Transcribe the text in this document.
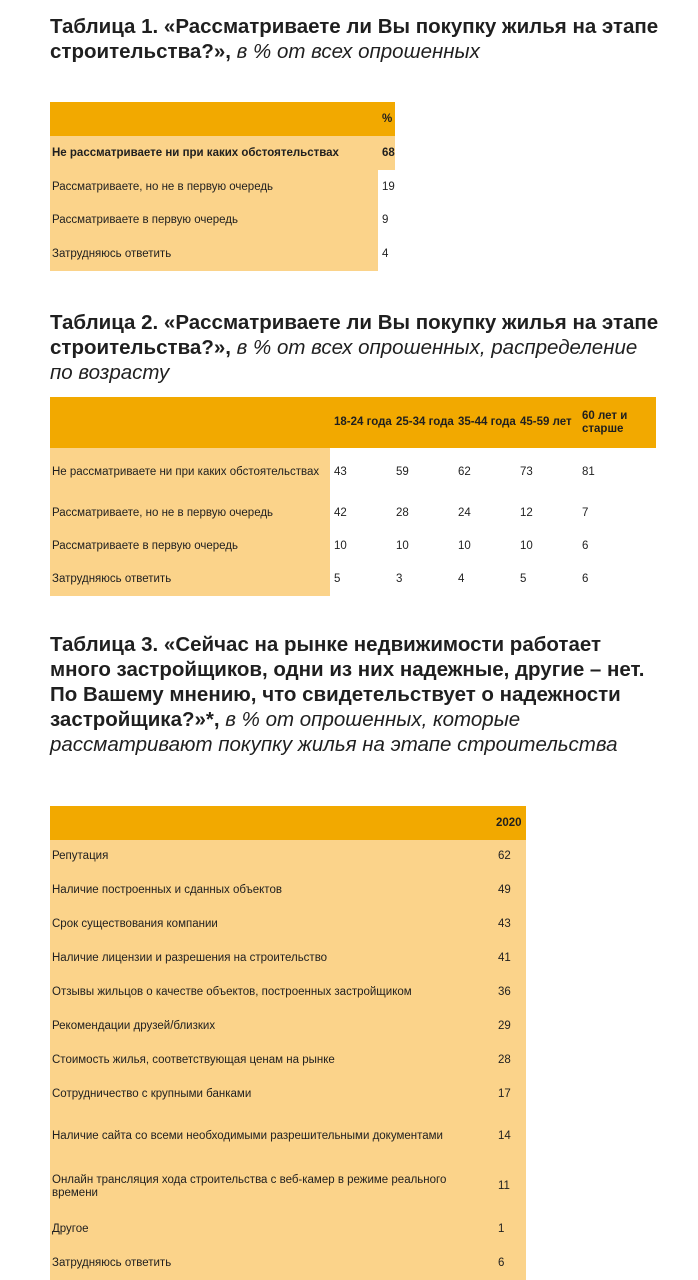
Таблица 1. «Рассматриваете ли Вы покупку жилья на этапе строительства?», в % от всех опрошенных
	%
Не рассматриваете ни при каких обстоятельствах	68
Рассматриваете, но не в первую очередь	19
Рассматриваете в первую очередь	9
Затрудняюсь ответить	4
Таблица 2. «Рассматриваете ли Вы покупку жилья на этапе строительства?», в % от всех опрошенных, распределение по возрасту
	18-24 года	25-34 года	35-44 года	45-59 лет	60 лет и старше
Не рассматриваете ни при каких обстоятельствах	43	59	62	73	81
Рассматриваете, но не в первую очередь	42	28	24	12	7
Рассматриваете в первую очередь	10	10	10	10	6
Затрудняюсь ответить	5	3	4	5	6
Таблица 3. «Сейчас на рынке недвижимости работает много застройщиков, одни из них надежные, другие – нет. По Вашему мнению, что свидетельствует о надежности застройщика?»*, в % от опрошенных, которые рассматривают покупку жилья на этапе строительства
	2020
Репутация	62
Наличие построенных и сданных объектов	49
Срок существования компании	43
Наличие лицензии и разрешения на строительство	41
Отзывы жильцов о качестве объектов, построенных застройщиком	36
Рекомендации друзей/близких	29
Стоимость жилья, соответствующая ценам на рынке	28
Сотрудничество с крупными банками	17
Наличие сайта со всеми необходимыми разрешительными документами	14
Онлайн трансляция хода строительства с веб-камер в режиме реального времени	11
Другое	1
Затрудняюсь ответить	6
